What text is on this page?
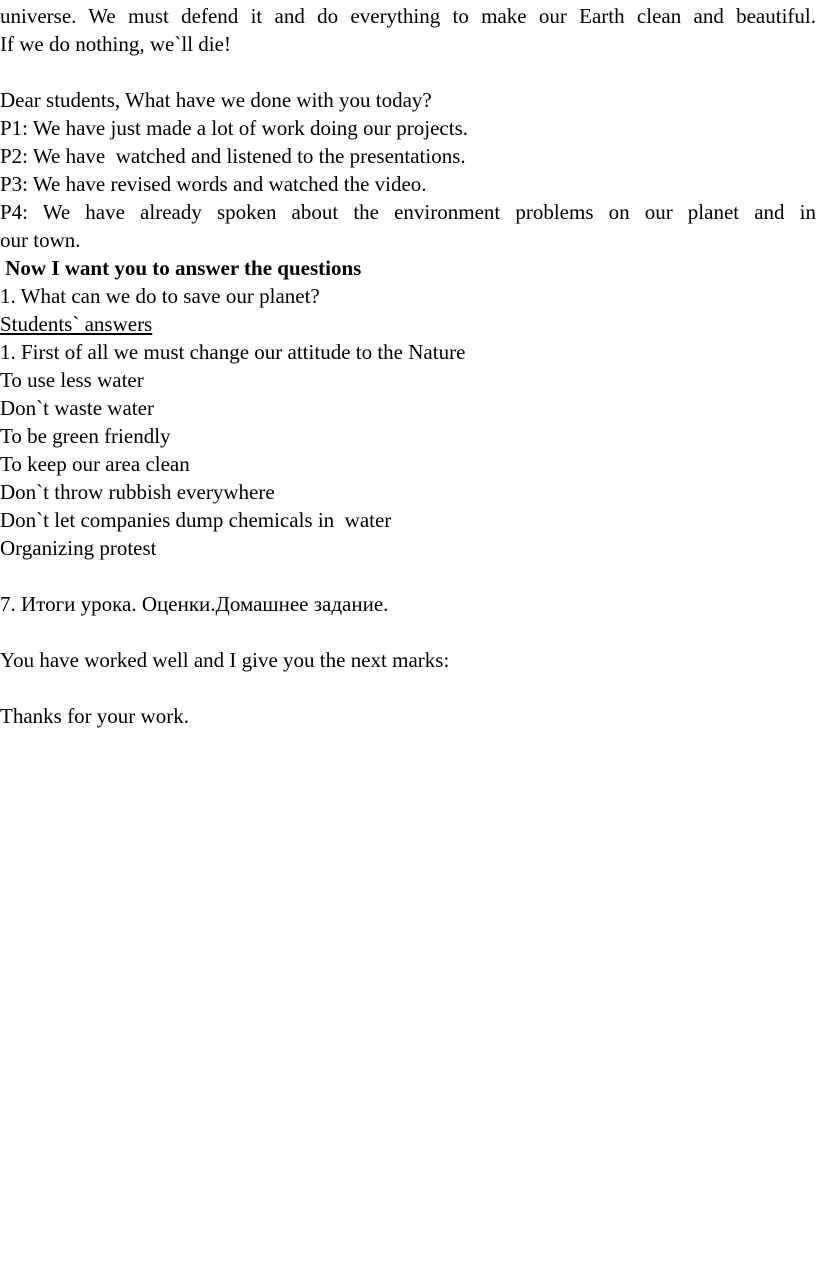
universe. We must defend it and do everything to make our Earth clean and beautiful.
If we do nothing, we`ll die!
Dear students, What have we done with you today?
P1: We have just made a lot of work doing our projects.
P2: We have  watched and listened to the presentations.
P3: We have revised words and watched the video.
P4: We have already spoken about the environment problems on our planet and in
our town.
Now I want you to answer the questions
1. What can we do to save our planet?
Students` answers
1. First of all we must change our attitude to the Nature
To use less water
Don`t waste water
To be green friendly
To keep our area clean
Don`t throw rubbish everywhere
Don`t let companies dump chemicals in  water
Organizing protest
7. Итоги урока. Оценки.Домашнее задание.
You have worked well and I give you the next marks:
Thanks for your work.
